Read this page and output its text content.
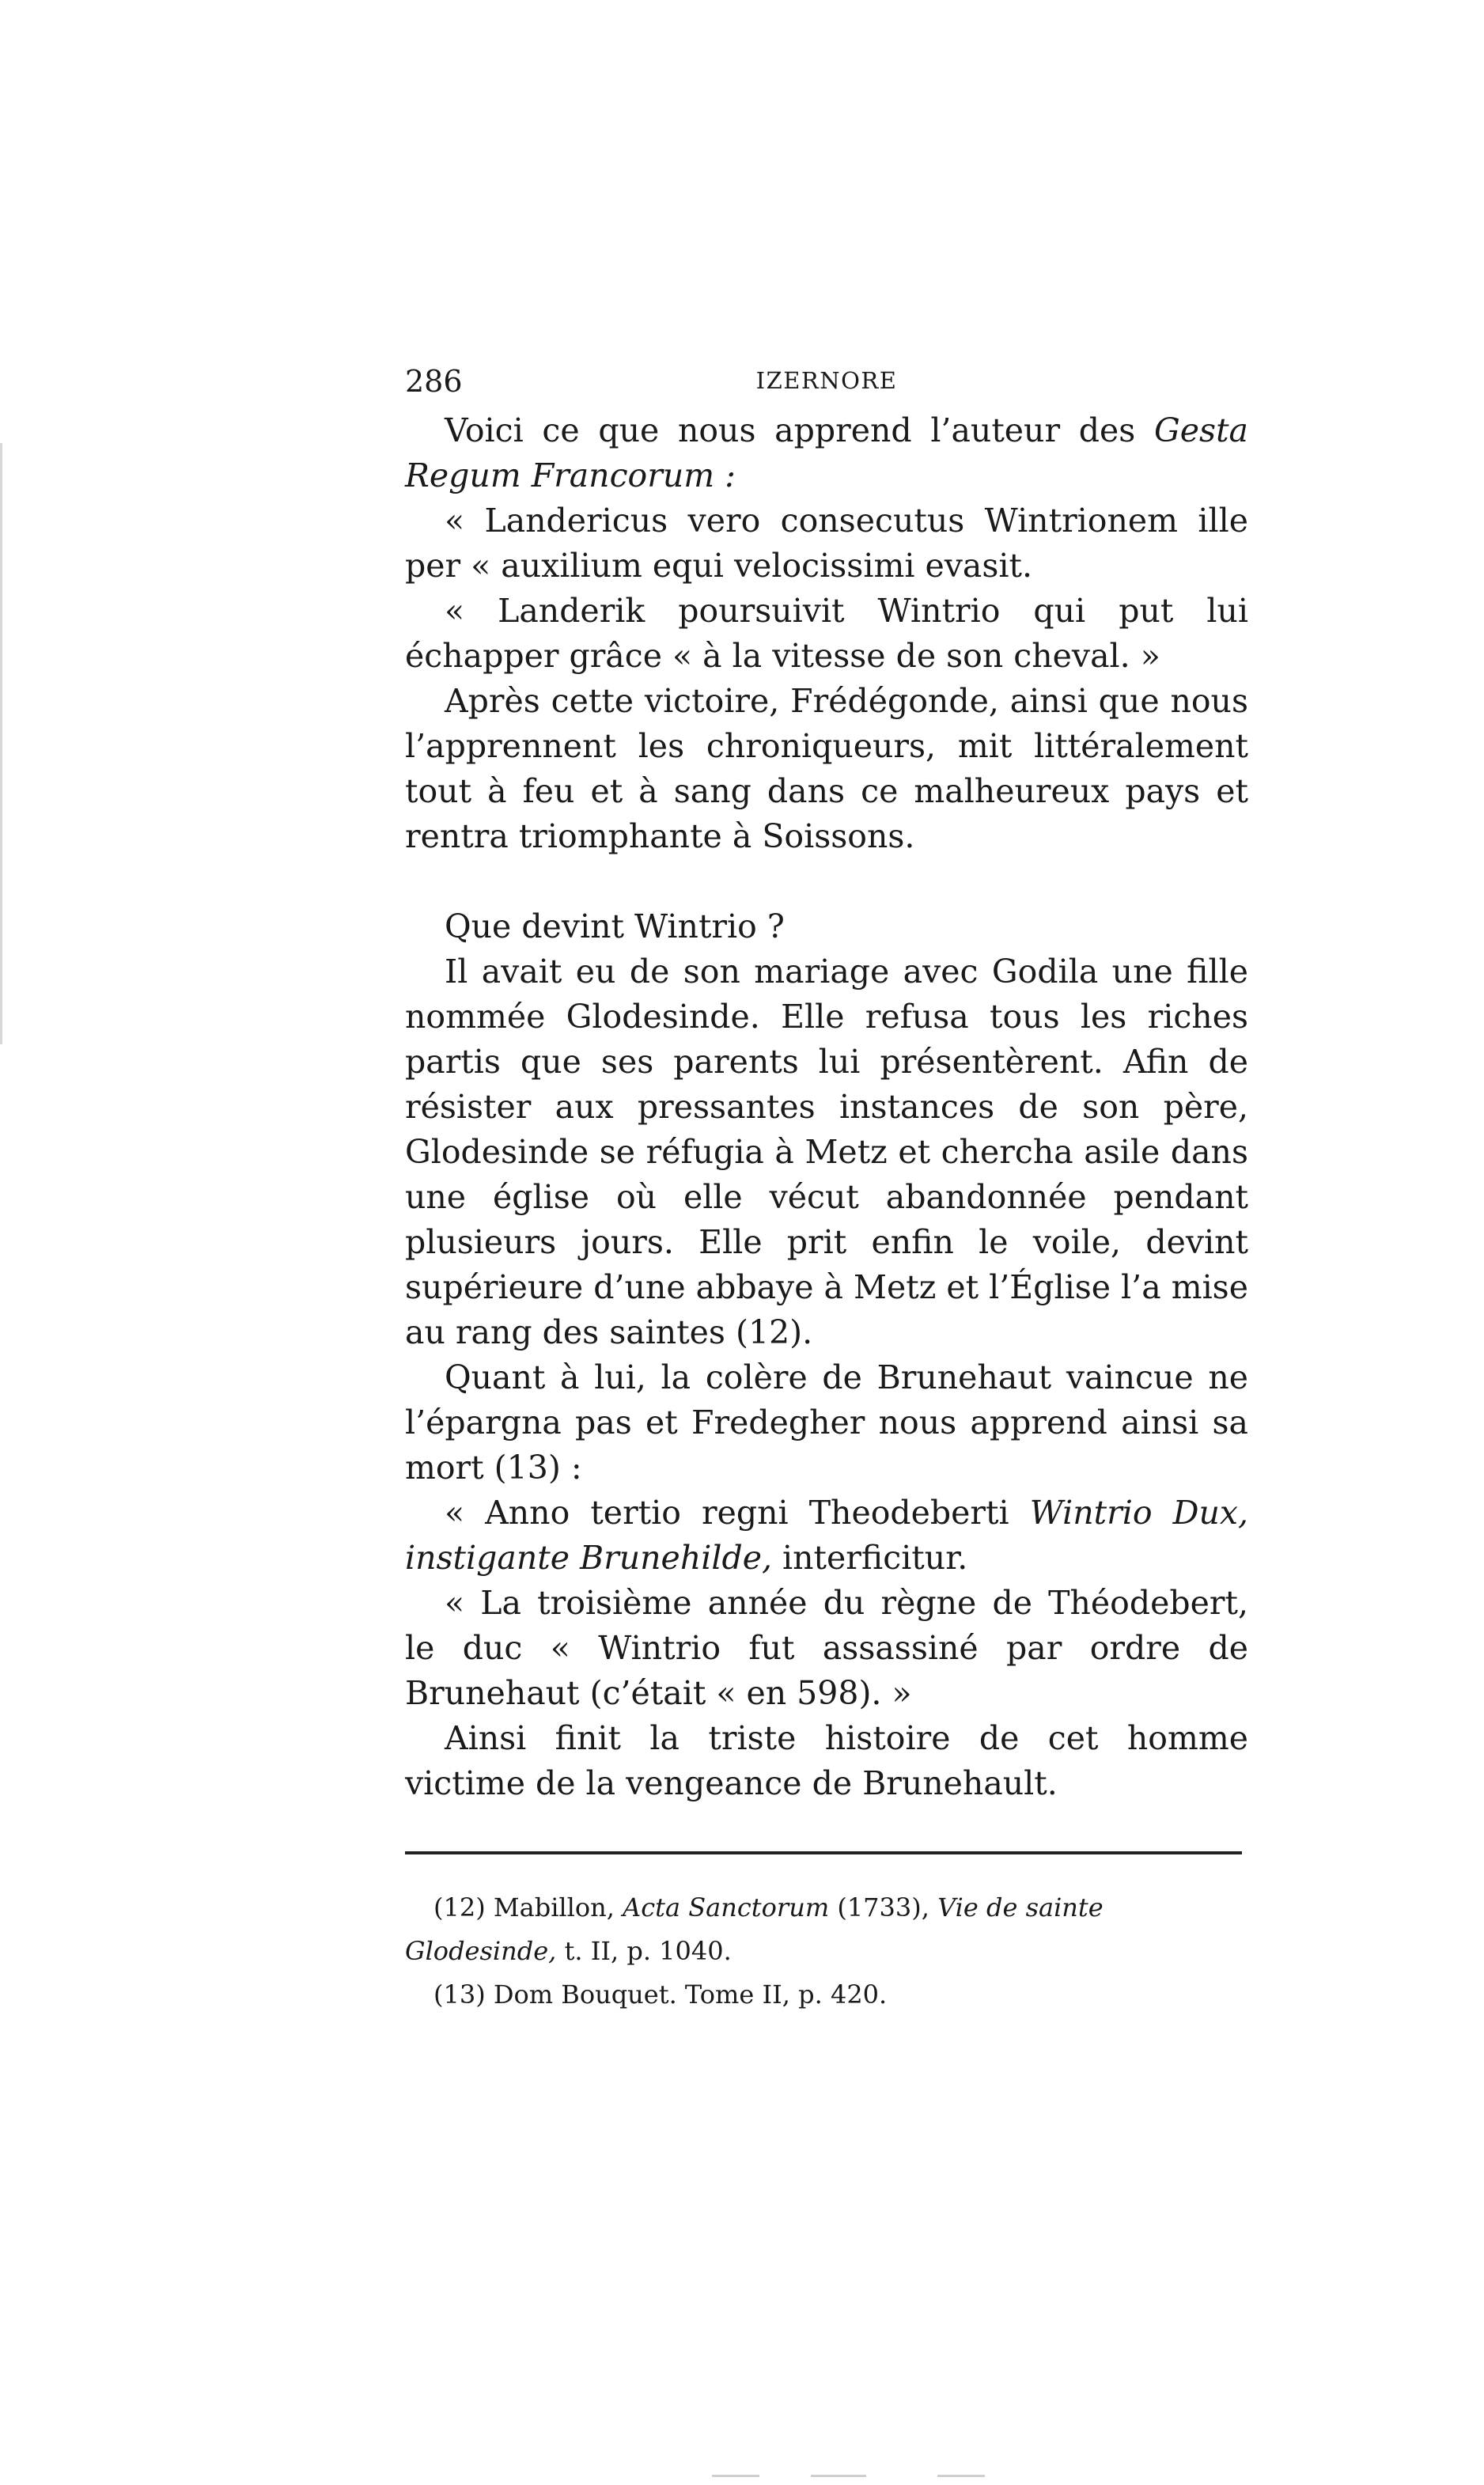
286	IZERNORE

Voici ce que nous apprend l’auteur des Gesta Regum Francorum :

« Landericus vero consecutus Wintrionem ille per « auxilium equi velocissimi evasit.

« Landerik poursuivit Wintrio qui put lui échapper grâce « à la vitesse de son cheval. »

Après cette victoire, Frédégonde, ainsi que nous l’apprennent les chroniqueurs, mit littéralement tout à feu et à sang dans ce malheureux pays et rentra triomphante à Soissons.

Que devint Wintrio ?

Il avait eu de son mariage avec Godila une fille nommée Glodesinde. Elle refusa tous les riches partis que ses parents lui présentèrent. Afin de résister aux pressantes instances de son père, Glodesinde se réfugia à Metz et chercha asile dans une église où elle vécut abandonnée pendant plusieurs jours. Elle prit enfin le voile, devint supérieure d’une abbaye à Metz et l’Église l’a mise au rang des saintes (12).

Quant à lui, la colère de Brunehaut vaincue ne l’épargna pas et Fredegher nous apprend ainsi sa mort (13) :

« Anno tertio regni Theodeberti Wintrio Dux, instigante Brunehilde, interficitur.

« La troisième année du règne de Théodebert, le duc « Wintrio fut assassiné par ordre de Brunehaut (c’était « en 598). »

Ainsi finit la triste histoire de cet homme victime de la vengeance de Brunehault.

(12) Mabillon, Acta Sanctorum (1733), Vie de sainte Glodesinde, t. II, p. 1040.

(13) Dom Bouquet. Tome II, p. 420.
